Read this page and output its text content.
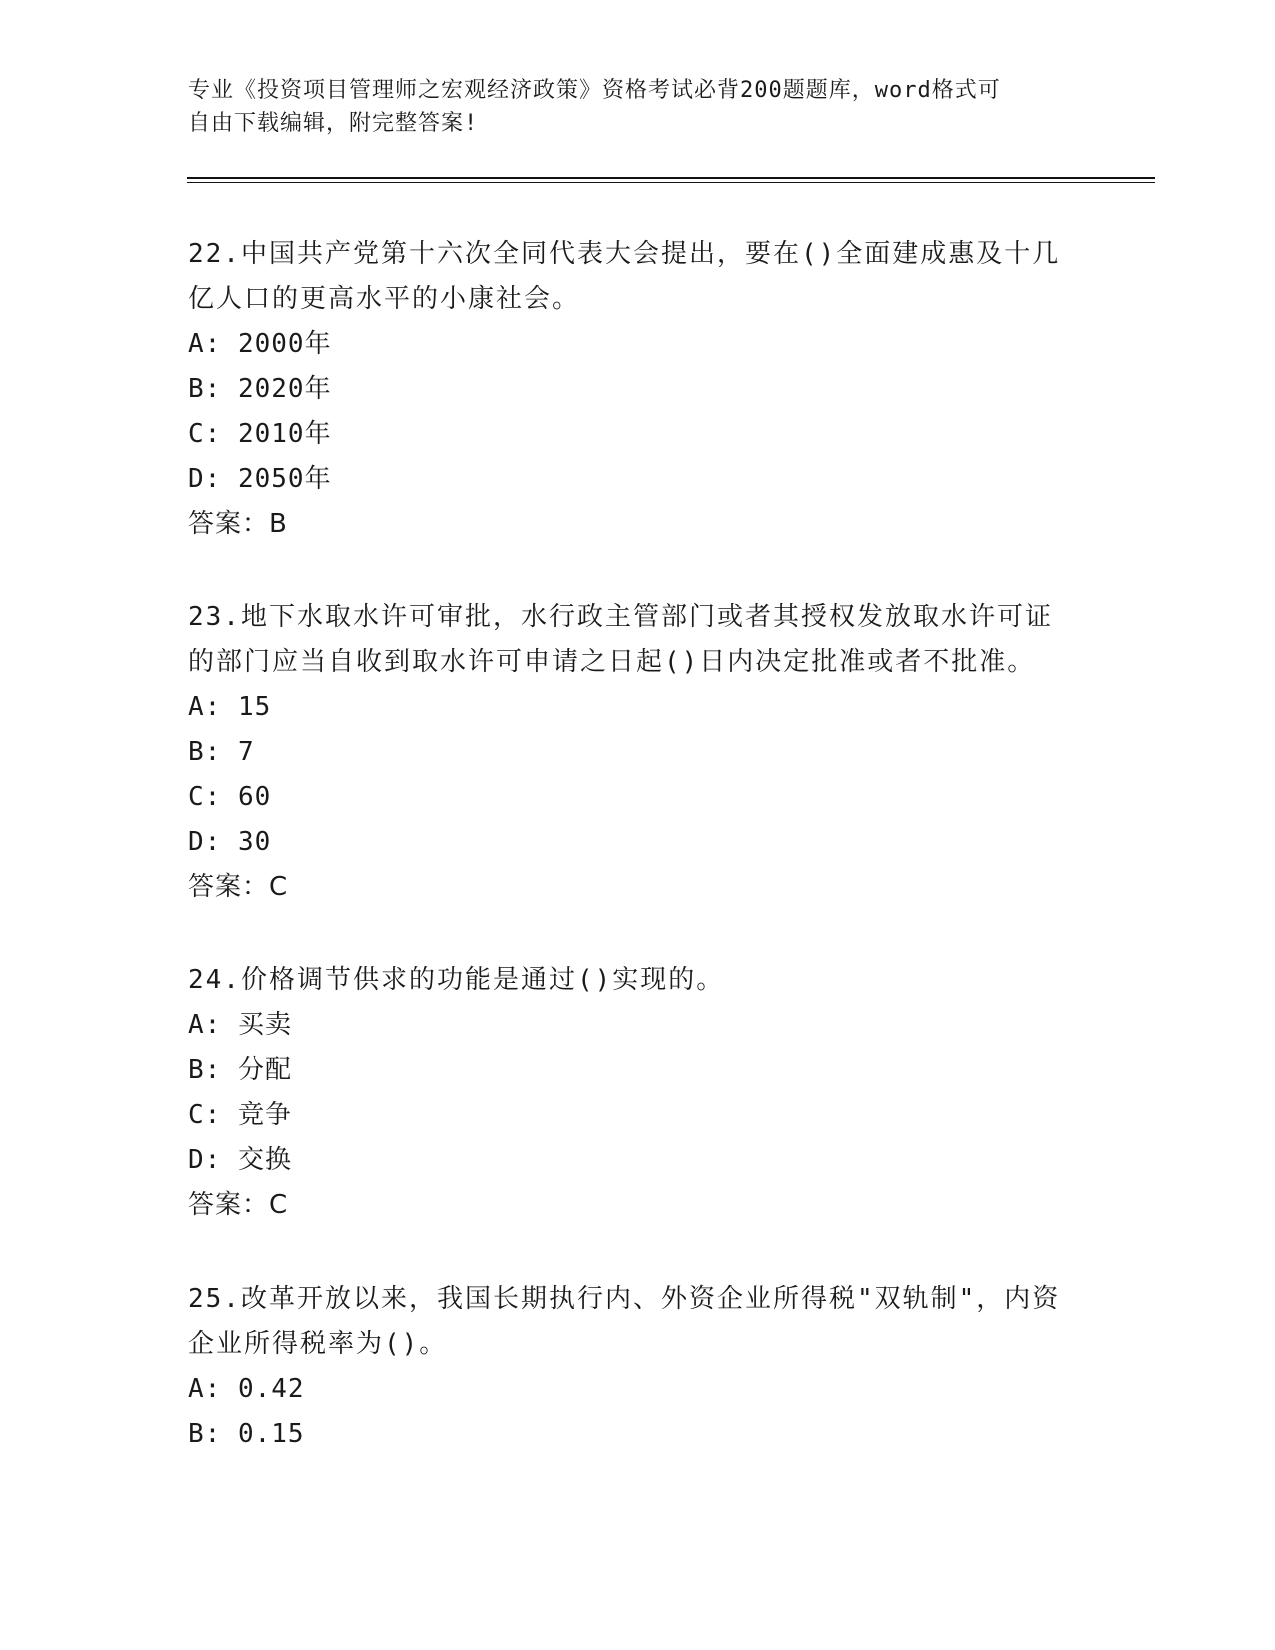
专业《投资项目管理师之宏观经济政策》资格考试必背200题题库，word格式可
自由下载编辑，附完整答案!

22.中国共产党第十六次全同代表大会提出，要在()全面建成惠及十几

亿人口的更高水平的小康社会。

A: 2000年

B: 2020年

C: 2010年

D: 2050年

答案：B

23.地下水取水许可审批，水行政主管部门或者其授权发放取水许可证

的部门应当自收到取水许可申请之日起()日内决定批准或者不批准。

A: 15

B: 7

C: 60

D: 30

答案：C

24.价格调节供求的功能是通过()实现的。

A: 买卖

B: 分配

C: 竞争

D: 交换

答案：C

25.改革开放以来，我国长期执行内、外资企业所得税"双轨制"，内资

企业所得税率为()。

A: 0.42

B: 0.15
